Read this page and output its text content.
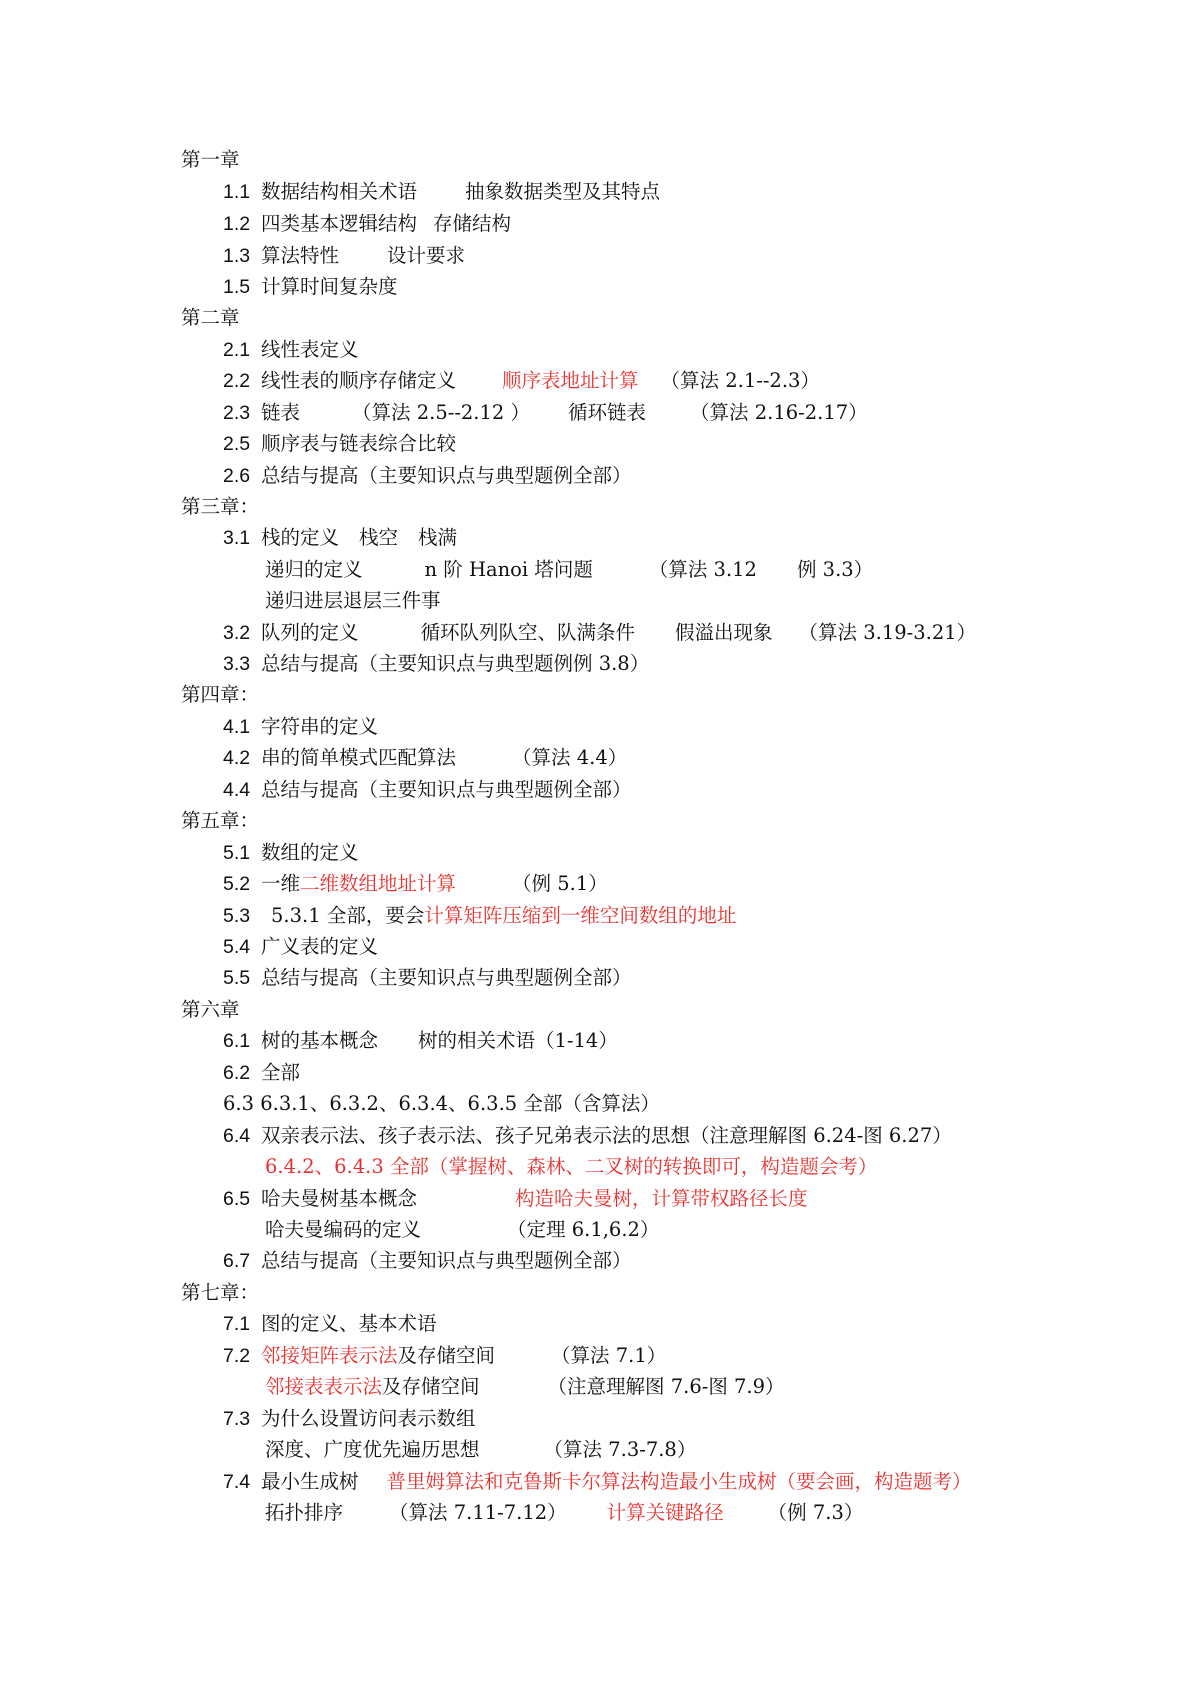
第一章
1.1 数据结构相关术语 抽象数据类型及其特点
1.2 四类基本逻辑结构 存储结构
1.3 算法特性 设计要求
1.5 计算时间复杂度
第二章
2.1 线性表定义
2.2 线性表的顺序存储定义 顺序表地址计算 （算法 2.1--2.3）
2.3 链表	（算法 2.5--2.12 ） 循环链表 （算法 2.16-2.17）
2.5 顺序表与链表综合比较
2.6 总结与提高（主要知识点与典型题例全部）
第三章：
3.1 栈的定义 栈空 栈满
递归的定义	n 阶 Hanoi 塔问题	（算法 3.12 例 3.3）
递归进层退层三件事
3.2 队列的定义	循环队列队空、队满条件 假溢出现象 （算法 3.19-3.21）
3.3 总结与提高（主要知识点与典型题例例 3.8）
第四章：
4.1 字符串的定义
4.2 串的简单模式匹配算法	（算法 4.4）
4.4 总结与提高（主要知识点与典型题例全部）
第五章：
5.1 数组的定义
5.2 一维二维数组地址计算	（例 5.1）
5.3 5.3.1 全部，要会计算矩阵压缩到一维空间数组的地址
5.4 广义表的定义
5.5 总结与提高（主要知识点与典型题例全部）
第六章
6.1 树的基本概念 树的相关术语（1-14）
6.2 全部
6.3 6.3.1、6.3.2、6.3.4、6.3.5 全部（含算法）
6.4 双亲表示法、孩子表示法、孩子兄弟表示法的思想（注意理解图 6.24-图 6.27）
6.4.2、6.4.3 全部（掌握树、森林、二叉树的转换即可，构造题会考）
6.5 哈夫曼树基本概念	构造哈夫曼树，计算带权路径长度
哈夫曼编码的定义	（定理 6.1,6.2）
6.7 总结与提高（主要知识点与典型题例全部）
第七章：
7.1 图的定义、基本术语
7.2 邻接矩阵表示法及存储空间	（算法 7.1）
邻接表表示法及存储空间	（注意理解图 7.6-图 7.9）
7.3 为什么设置访问表示数组
深度、广度优先遍历思想	（算法 7.3-7.8）
7.4 最小生成树 普里姆算法和克鲁斯卡尔算法构造最小生成树（要会画，构造题考）
拓扑排序 （算法 7.11-7.12） 计算关键路径 （例 7.3）
